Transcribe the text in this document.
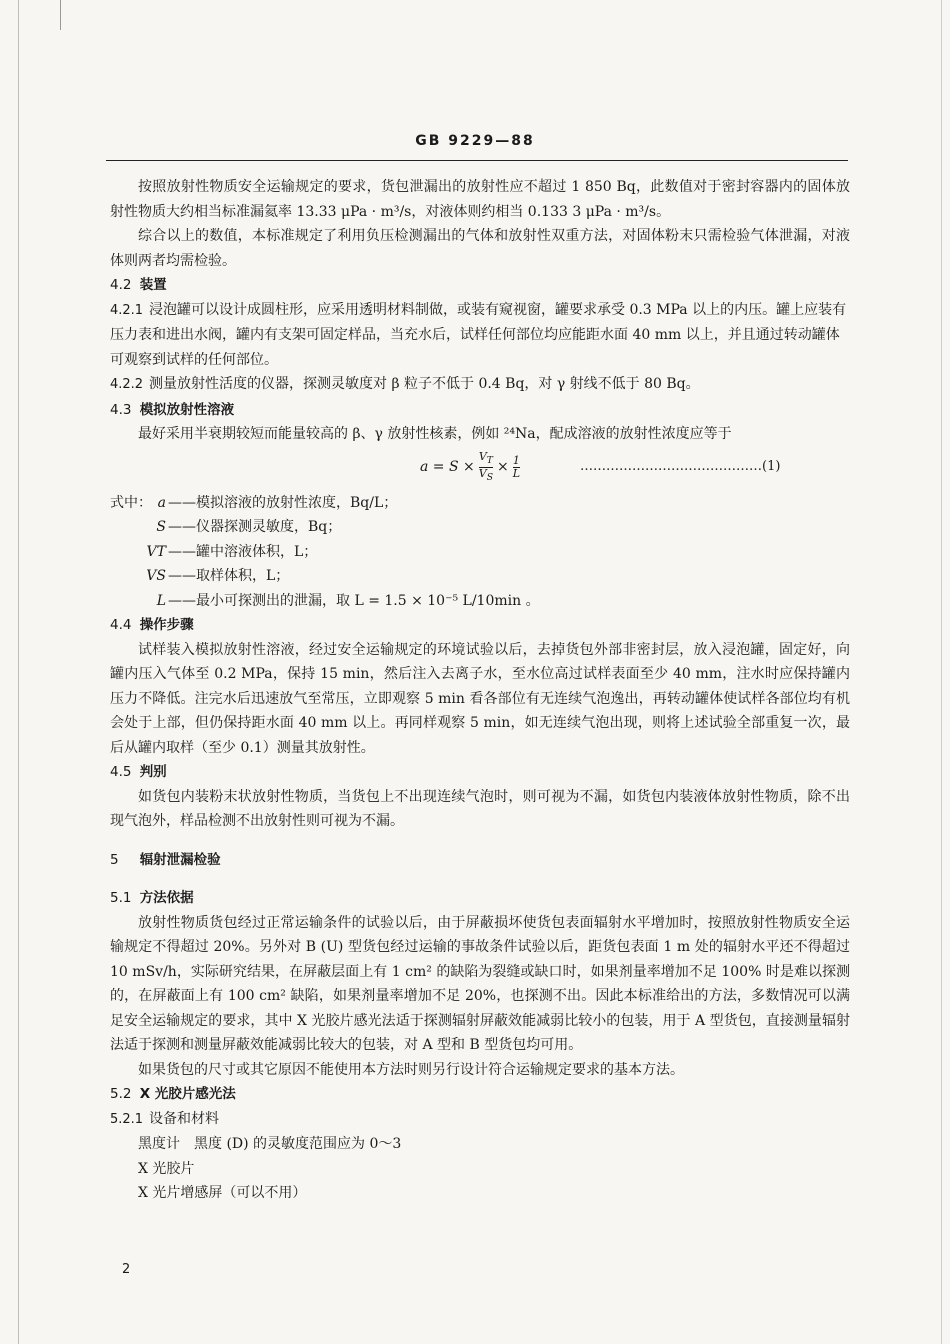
GB 9229—88

按照放射性物质安全运输规定的要求，货包泄漏出的放射性应不超过 1 850 Bq，此数值对于密封容器内的固体放射性物质大约相当标准漏氦率 13.33 μPa · m³/s，对液体则约相当 0.133 3 μPa · m³/s。

综合以上的数值，本标准规定了利用负压检测漏出的气体和放射性双重方法，对固体粉末只需检验气体泄漏，对液体则两者均需检验。

4.2 装置

4.2.1 浸泡罐可以设计成圆柱形，应采用透明材料制做，或装有窥视窗，罐要求承受 0.3 MPa 以上的内压。罐上应装有压力表和进出水阀，罐内有支架可固定样品，当充水后，试样任何部位均应能距水面 40 mm 以上，并且通过转动罐体可观察到试样的任何部位。

4.2.2 测量放射性活度的仪器，探测灵敏度对 β 粒子不低于 0.4 Bq，对 γ 射线不低于 80 Bq。

4.3 模拟放射性溶液

最好采用半衰期较短而能量较高的 β、γ 放射性核素，例如 ²⁴Na，配成溶液的放射性浓度应等于

$a = S \times \frac{V_T}{V_S} \times \frac{1}{L}$	……………………………………(1)
式中： a ——模拟溶液的放射性浓度，Bq/L；
S ——仪器探测灵敏度，Bq；
VT ——罐中溶液体积，L；
VS ——取样体积，L；
L ——最小可探测出的泄漏，取 L = 1.5 × 10⁻⁵ L/10min 。

4.4 操作步骤

试样装入模拟放射性溶液，经过安全运输规定的环境试验以后，去掉货包外部非密封层，放入浸泡罐，固定好，向罐内压入气体至 0.2 MPa，保持 15 min，然后注入去离子水，至水位高过试样表面至少 40 mm，注水时应保持罐内压力不降低。注完水后迅速放气至常压，立即观察 5 min 看各部位有无连续气泡逸出，再转动罐体使试样各部位均有机会处于上部，但仍保持距水面 40 mm 以上。再同样观察 5 min，如无连续气泡出现，则将上述试验全部重复一次，最后从罐内取样（至少 0.1）测量其放射性。

4.5 判别

如货包内装粉末状放射性物质，当货包上不出现连续气泡时，则可视为不漏，如货包内装液体放射性物质，除不出现气泡外，样品检测不出放射性则可视为不漏。

5 辐射泄漏检验

5.1 方法依据

放射性物质货包经过正常运输条件的试验以后，由于屏蔽损坏使货包表面辐射水平增加时，按照放射性物质安全运输规定不得超过 20%。另外对 B (U) 型货包经过运输的事故条件试验以后，距货包表面 1 m 处的辐射水平还不得超过 10 mSv/h，实际研究结果，在屏蔽层面上有 1 cm² 的缺陷为裂缝或缺口时，如果剂量率增加不足 100% 时是难以探测的，在屏蔽面上有 100 cm² 缺陷，如果剂量率增加不足 20%，也探测不出。因此本标准给出的方法，多数情况可以满足安全运输规定的要求，其中 X 光胶片感光法适于探测辐射屏蔽效能减弱比较小的包装，用于 A 型货包，直接测量辐射法适于探测和测量屏蔽效能减弱比较大的包装，对 A 型和 B 型货包均可用。

如果货包的尺寸或其它原因不能使用本方法时则另行设计符合运输规定要求的基本方法。

5.2 X 光胶片感光法

5.2.1 设备和材料

黑度计　黑度 (D) 的灵敏度范围应为 0～3

X 光胶片

X 光片增感屏（可以不用）

2
